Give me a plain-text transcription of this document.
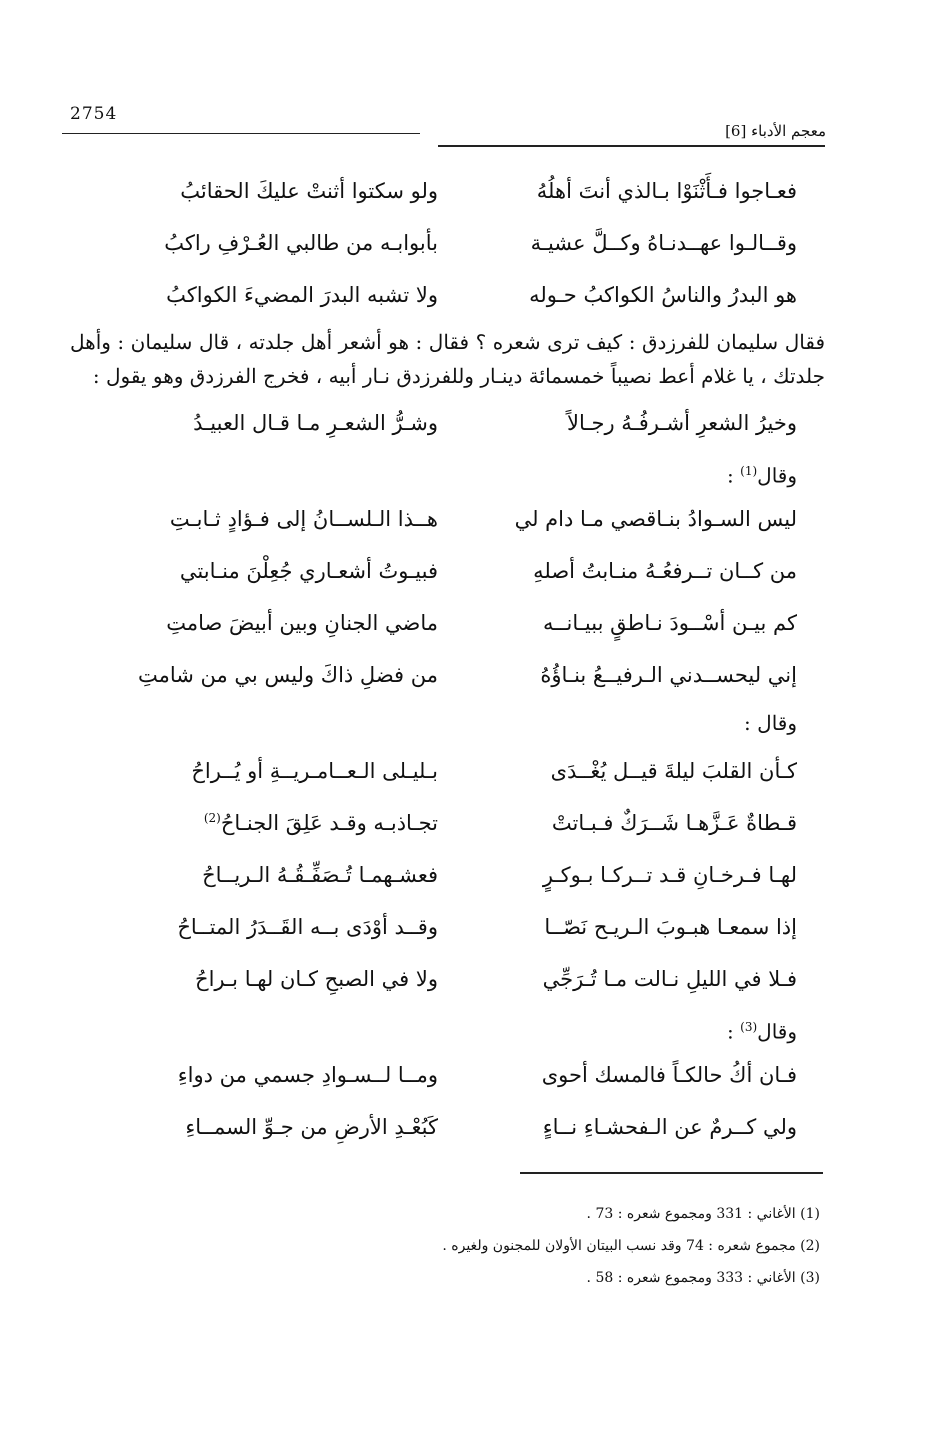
2754
معجم الأدباء [6]
فعـاجوا فـأَثْنَوْا بـالذي أنتَ أهلُهُ
ولو سكتوا أثنتْ عليكَ الحقائبُ
وقــالـوا عهــدنـاهُ وكــلَّ عشيـة
بأبوابـه من طالبي العُـرْفِ راكبُ
هو البدرُ والناسُ الكواكبُ حـوله
ولا تشبه البدرَ المضيءَ الكواكبُ

فقال سليمان للفرزدق : كيف ترى شعره ؟ فقال : هو أشعر أهل جلدته ، قال سليمان : وأهل جلدتك ، يا غلام أعط نصيباً خمسمائة دينـار وللفرزدق نـار أبيه ، فخرج الفرزدق وهو يقول :

وخيرُ الشعرِ أشـرفُـهُ رجـالاً
وشـرُّ الشعـرِ مـا قـال العبيـدُ
وقال$^{(1)}$ :
ليس السـوادُ بنـاقصي مـا دام لي
هــذا الـلســانُ إلى فـؤادٍ ثـابـتِ
من كــان تــرفعُـهُ منـابتُ أصلهِ
فبيـوتُ أشعـاري جُعِلْنَ منـابتي
كم بيـن أسْــودَ نـاطقٍ ببيـانــه
ماضي الجنانِ وبين أبيضَ صامتِ
إني ليحســدني الـرفيــعُ بنـاؤُهُ
من فضلِ ذاكَ وليس بي من شامتِ
وقال :
كـأن القلبَ ليلةَ قيــل يُغْــدَى
بـليـلى الـعــامـريــةِ أو يُــراحُ
قـطاةٌ عَـزَّهـا شَــرَكٌ فـبـاتتْ
تجـاذبـه وقـد عَلِقَ الجنـاحُ$^{(2)}$
لهـا فـرخـانِ قـد تــركـا بـوكـرٍ
فعشـهمـا تُـصَفِّـقُـهُ الـريــاحُ
إذا سمعـا هبـوبَ الـريـح نَصّــا
وقــد أوْدَى بــه القَــدَرُ المتــاحُ
فـلا في الليلِ نـالت مـا تُـرَجِّي
ولا في الصبحِ كـان لهـا بـراحُ
وقال$^{(3)}$ :
فـان أكُ حالكـاً فالمسك أحوى
ومــا لــسـوادِ جسمي من دواءِ
ولي كــرمٌ عن الـفحشـاءِ نــاءٍ
كَبُعْـدِ الأرضِ من جـوِّ السمــاءِ
(1) الأغاني : 331 ومجموع شعره : 73 .
(2) مجموع شعره : 74 وقد نسب البيتان الأولان للمجنون ولغيره .
(3) الأغاني : 333 ومجموع شعره : 58 .
